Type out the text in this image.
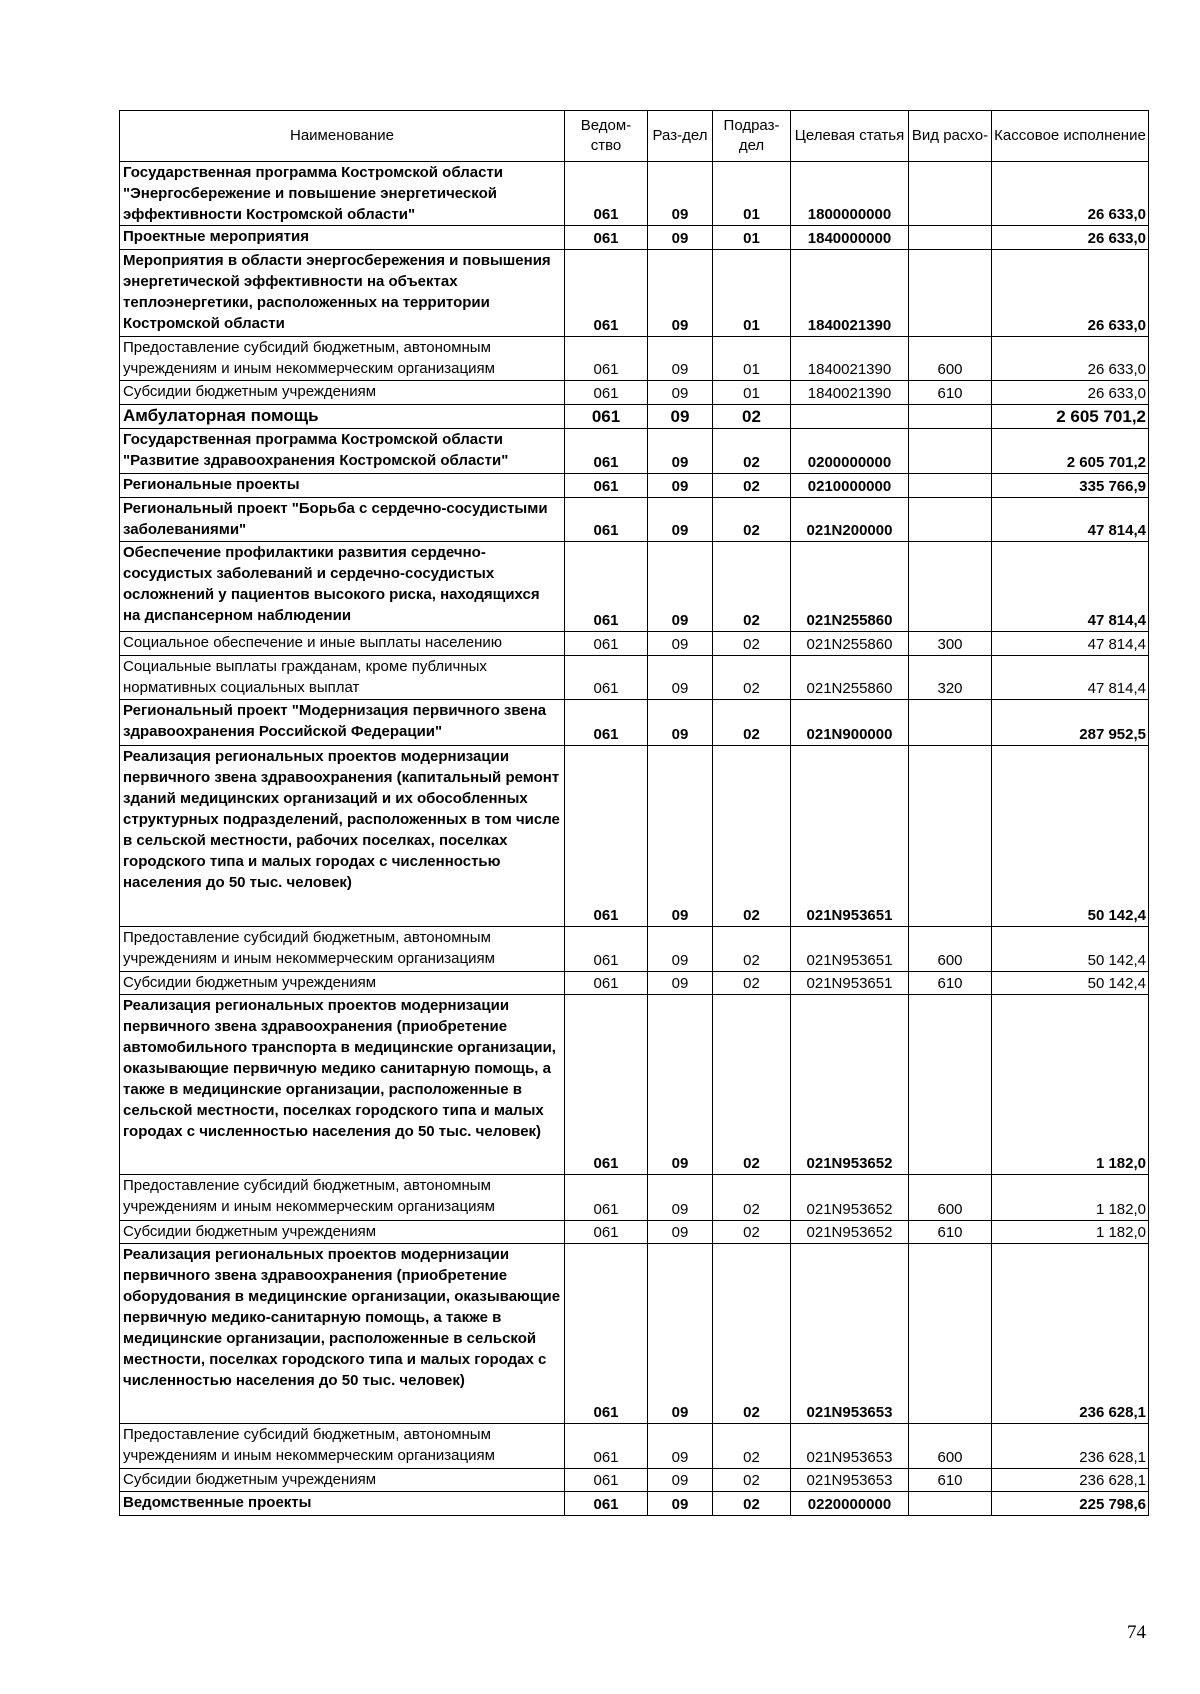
Наименование	Ведом-ство	Раз-дел	Подраз-дел	Целевая статья	Вид расхо-	Кассовое исполнение
Государственная программа Костромской области "Энергосбережение и повышение энергетической эффективности Костромской области"	061	09	01	1800000000		26 633,0
Проектные мероприятия	061	09	01	1840000000		26 633,0
Мероприятия в области энергосбережения и повышения энергетической эффективности на объектах теплоэнергетики, расположенных на территории Костромской области	061	09	01	1840021390		26 633,0
Предоставление субсидий бюджетным, автономным учреждениям и иным некоммерческим организациям	061	09	01	1840021390	600	26 633,0
Субсидии бюджетным учреждениям	061	09	01	1840021390	610	26 633,0
Амбулаторная помощь	061	09	02			2 605 701,2
Государственная программа Костромской области "Развитие здравоохранения Костромской области"	061	09	02	0200000000		2 605 701,2
Региональные проекты	061	09	02	0210000000		335 766,9
Региональный проект "Борьба с сердечно-сосудистыми заболеваниями"	061	09	02	021N200000		47 814,4
Обеспечение профилактики развития сердечно-сосудистых заболеваний и сердечно-сосудистых осложнений у пациентов высокого риска, находящихся на диспансерном наблюдении	061	09	02	021N255860		47 814,4
Социальное обеспечение и иные выплаты населению	061	09	02	021N255860	300	47 814,4
Социальные выплаты гражданам, кроме публичных нормативных социальных выплат	061	09	02	021N255860	320	47 814,4
Региональный проект "Модернизация первичного звена здравоохранения Российской Федерации"	061	09	02	021N900000		287 952,5
Реализация региональных проектов модернизации первичного звена здравоохранения (капитальный ремонт зданий медицинских организаций и их обособленных структурных подразделений, расположенных в том числе в сельской местности, рабочих поселках, поселках городского типа и малых городах с численностью населения до 50 тыс. человек)	061	09	02	021N953651		50 142,4
Предоставление субсидий бюджетным, автономным учреждениям и иным некоммерческим организациям	061	09	02	021N953651	600	50 142,4
Субсидии бюджетным учреждениям	061	09	02	021N953651	610	50 142,4
Реализация региональных проектов модернизации первичного звена здравоохранения (приобретение автомобильного транспорта в медицинские организации, оказывающие первичную медико санитарную помощь, а также в медицинские организации, расположенные в сельской местности, поселках городского типа и малых городах с численностью населения до 50 тыс. человек)	061	09	02	021N953652		1 182,0
Предоставление субсидий бюджетным, автономным учреждениям и иным некоммерческим организациям	061	09	02	021N953652	600	1 182,0
Субсидии бюджетным учреждениям	061	09	02	021N953652	610	1 182,0
Реализация региональных проектов модернизации первичного звена здравоохранения (приобретение оборудования в медицинские организации, оказывающие первичную медико-санитарную помощь, а также в медицинские организации, расположенные в сельской местности, поселках городского типа и малых городах с численностью населения до 50 тыс. человек)	061	09	02	021N953653		236 628,1
Предоставление субсидий бюджетным, автономным учреждениям и иным некоммерческим организациям	061	09	02	021N953653	600	236 628,1
Субсидии бюджетным учреждениям	061	09	02	021N953653	610	236 628,1
Ведомственные проекты	061	09	02	0220000000		225 798,6
74
